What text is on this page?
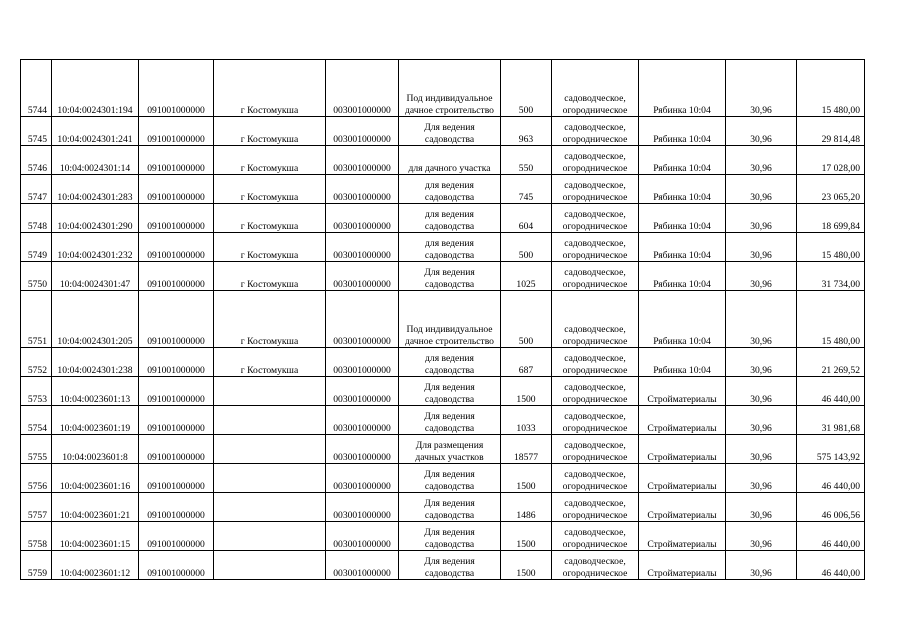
5744	10:04:0024301:194	091001000000	г Костомукша	003001000000	Под индивидуальное дачное строительство	500	садоводческое, огородническое	Рябинка 10:04	30,96	15 480,00
5745	10:04:0024301:241	091001000000	г Костомукша	003001000000	Для ведения садоводства	963	садоводческое, огородническое	Рябинка 10:04	30,96	29 814,48
5746	10:04:0024301:14	091001000000	г Костомукша	003001000000	для дачного участка	550	садоводческое, огородническое	Рябинка 10:04	30,96	17 028,00
5747	10:04:0024301:283	091001000000	г Костомукша	003001000000	для ведения садоводства	745	садоводческое, огородническое	Рябинка 10:04	30,96	23 065,20
5748	10:04:0024301:290	091001000000	г Костомукша	003001000000	для ведения садоводства	604	садоводческое, огородническое	Рябинка 10:04	30,96	18 699,84
5749	10:04:0024301:232	091001000000	г Костомукша	003001000000	для ведения садоводства	500	садоводческое, огородническое	Рябинка 10:04	30,96	15 480,00
5750	10:04:0024301:47	091001000000	г Костомукша	003001000000	Для ведения садоводства	1025	садоводческое, огородническое	Рябинка 10:04	30,96	31 734,00
5751	10:04:0024301:205	091001000000	г Костомукша	003001000000	Под индивидуальное дачное строительство	500	садоводческое, огородническое	Рябинка 10:04	30,96	15 480,00
5752	10:04:0024301:238	091001000000	г Костомукша	003001000000	для ведения садоводства	687	садоводческое, огородническое	Рябинка 10:04	30,96	21 269,52
5753	10:04:0023601:13	091001000000		003001000000	Для ведения садоводства	1500	садоводческое, огородническое	Стройматериалы	30,96	46 440,00
5754	10:04:0023601:19	091001000000		003001000000	Для ведения садоводства	1033	садоводческое, огородническое	Стройматериалы	30,96	31 981,68
5755	10:04:0023601:8	091001000000		003001000000	Для размещения дачных участков	18577	садоводческое, огородническое	Стройматериалы	30,96	575 143,92
5756	10:04:0023601:16	091001000000		003001000000	Для ведения садоводства	1500	садоводческое, огородническое	Стройматериалы	30,96	46 440,00
5757	10:04:0023601:21	091001000000		003001000000	Для ведения садоводства	1486	садоводческое, огородническое	Стройматериалы	30,96	46 006,56
5758	10:04:0023601:15	091001000000		003001000000	Для ведения садоводства	1500	садоводческое, огородническое	Стройматериалы	30,96	46 440,00
5759	10:04:0023601:12	091001000000		003001000000	Для ведения садоводства	1500	садоводческое, огородническое	Стройматериалы	30,96	46 440,00
